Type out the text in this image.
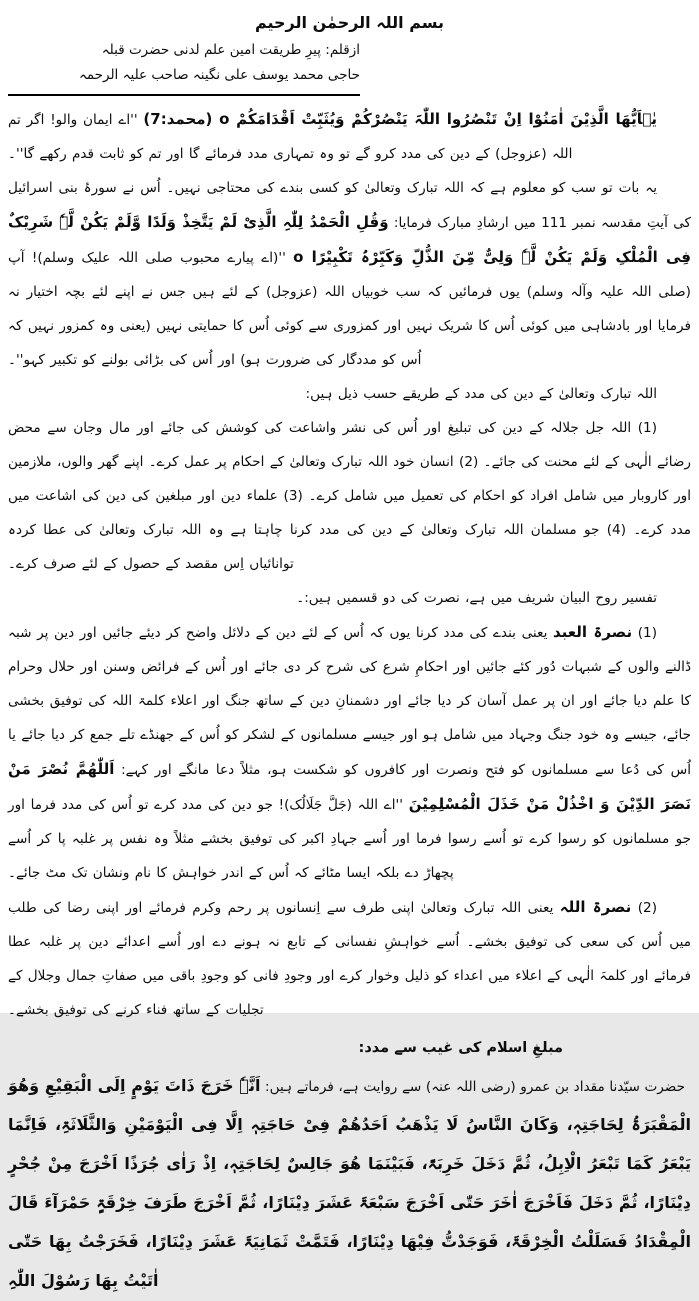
بسم اللہ الرحمٰن الرحیم
ازقلم: پیرِ طریقت امین علم لدنی حضرت قبلہ
حاجی محمد یوسف علی نگینہ صاحب علیہ الرحمہ

یٰۤاَیُّھَا الَّذِیْنَ اٰمَنُوْا اِنْ تَنْصُرُوا اللّٰہَ یَنْصُرْکُمْ وَیُثَبِّتْ اَقْدَامَکُمْ o (محمد:7) ''اے ایمان والو! اگر تم اللہ (عزوجل) کے دین کی مدد کرو گے تو وہ تمہاری مدد فرمائے گا اور تم کو ثابت قدم رکھے گا''۔

یہ بات تو سب کو معلوم ہے کہ اللہ تبارک وتعالیٰ کو کسی بندے کی محتاجی نہیں۔ اُس نے سورۂ بنی اسرائیل کی آیتِ مقدسہ نمبر 111 میں ارشادِ مبارک فرمایا: وَقُلِ الْحَمْدُ لِلّٰہِ الَّذِیْ لَمْ یَتَّخِذْ وَلَدًا وَّلَمْ یَکُنْ لَّہٗ شَرِیْکٌ فِی الْمُلْکِ وَلَمْ یَکُنْ لَّہٗ وَلِیٌّ مِّنَ الذُّلِّ وَکَبِّرْہُ تَکْبِیْرًا o ''(اے پیارے محبوب صلی اللہ علیک وسلم)! آپ (صلی اللہ علیہ وآلہ وسلم) یوں فرمائیں کہ سب خوبیاں اللہ (عزوجل) کے لئے ہیں جس نے اپنے لئے بچہ اختیار نہ فرمایا اور بادشاہی میں کوئی اُس کا شریک نہیں اور کمزوری سے کوئی اُس کا حمایتی نہیں (یعنی وہ کمزور نہیں کہ اُس کو مددگار کی ضرورت ہو) اور اُس کی بڑائی بولنے کو تکبیر کہو''۔

اللہ تبارک وتعالیٰ کے دین کی مدد کے طریقے حسب ذیل ہیں:

(1) اللہ جل جلالہ کے دین کی تبلیغ اور اُس کی نشر واشاعت کی کوشش کی جائے اور مال وجان سے محض رضائے الٰہی کے لئے محنت کی جائے۔ (2) انسان خود اللہ تبارک وتعالیٰ کے احکام پر عمل کرے۔ اپنے گھر والوں، ملازمین اور کاروبار میں شامل افراد کو احکام کی تعمیل میں شامل کرے۔ (3) علماء دین اور مبلغین کی دین کی اشاعت میں مدد کرے۔ (4) جو مسلمان اللہ تبارک وتعالیٰ کے دین کی مدد کرنا چاہتا ہے وہ اللہ تبارک وتعالیٰ کی عطا کردہ توانائیاں اِس مقصد کے حصول کے لئے صرف کرے۔

تفسیر روح البیان شریف میں ہے، نصرت کی دو قسمیں ہیں:۔

(1) نصرۃ العبد یعنی بندے کی مدد کرنا یوں کہ اُس کے لئے دین کے دلائل واضح کر دیئے جائیں اور دین پر شبہ ڈالنے والوں کے شبہات دُور کئے جائیں اور احکامِ شرع کی شرح کر دی جائے اور اُس کے فرائض وسنن اور حلال وحرام کا علم دیا جائے اور ان پر عمل آسان کر دیا جائے اور دشمنانِ دین کے ساتھ جنگ اور اعلاء کلمۃ اللہ کی توفیق بخشی جائے، جیسے وہ خود جنگ وجہاد میں شامل ہو اور جیسے مسلمانوں کے لشکر کو اُس کے جھنڈے تلے جمع کر دیا جائے یا اُس کی دُعا سے مسلمانوں کو فتح ونصرت اور کافروں کو شکست ہو، مثلاً دعا مانگے اور کہے: اَللّٰھُمَّ نُصْرَ مَنْ نَصَرَ الدِّیْنَ وَ اخْذُلْ مَنْ خَذَلَ الْمُسْلِمِیْنَ ''اے اللہ (جَلَّ جَلَالُک)! جو دین کی مدد کرے تو اُس کی مدد فرما اور جو مسلمانوں کو رسوا کرے تو اُسے رسوا فرما اور اُسے جہادِ اکبر کی توفیق بخشے مثلاً وہ نفس پر غلبہ پا کر اُسے پچھاڑ دے بلکہ ایسا مٹائے کہ اُس کے اندر خواہش کا نام ونشان تک مٹ جائے۔

(2) نصرۃ اللہ یعنی اللہ تبارک وتعالیٰ اپنی طرف سے اِنسانوں پر رحم وکرم فرمائے اور اپنی رضا کی طلب میں اُس کی سعی کی توفیق بخشے۔ اُسے خواہشِ نفسانی کے تابع نہ ہونے دے اور اُسے اعدائے دین پر غلبہ عطا فرمائے اور کلمہَ الٰہی کے اعلاء میں اعداء کو ذلیل وخوار کرے اور وجودِ فانی کو وجودِ باقی میں صفاتِ جمال وجلال کے تجلیات کے ساتھ فناء کرنے کی توفیق بخشے۔

مبلغِ اسلام کی غیب سے مدد:

حضرت سیّدنا مقداد بن عمرو (رضی اللہ عنہ) سے روایت ہے، فرماتے ہیں: اَنَّہٗ خَرَجَ ذَاتَ یَوْمٍ اِلَی الْبَقِیْعِ وَھُوَ الْمَقْبَرَۃُ لِحَاجَتِہٖ، وَکَانَ النَّاسُ لَا یَذْھَبُ اَحَدُھُمْ فِیْ حَاجَتِہٖ اِلَّا فِی الْیَوْمَیْنِ وَالثَّلَاثَۃِ، فَاِنَّمَا یَبْعَرُ کَمَا تَبْعَرُ الْاِبِلُ، ثُمَّ دَخَلَ خَرِبَۃً، فَبَیْنَمَا ھُوَ جَالِسٌ لِحَاجَتِہٖ، اِذْ رَاٰی جُرَذًا اَخْرَجَ مِنْ جُحْرٍ دِیْنَارًا، ثُمَّ دَخَلَ فَاَخْرَجَ اٰخَرَ حَتّٰی اَخْرَجَ سَبْعَۃَ عَشَرَ دِیْنَارًا، ثُمَّ اَخْرَجَ طَرَفَ خِرْقَۃٍ حَمْرَآءَ قَالَ الْمِقْدَادُ فَسَلَلْتُ الْخِرْقَۃَ، فَوَجَدْتُّ فِیْھَا دِیْنَارًا، فَتَمَّتْ ثَمَانِیَۃَ عَشَرَ دِیْنَارًا، فَخَرَجْتُ بِھَا حَتّٰی اٰتَیْتُ بِھَا رَسُوْلَ اللّٰہِ
